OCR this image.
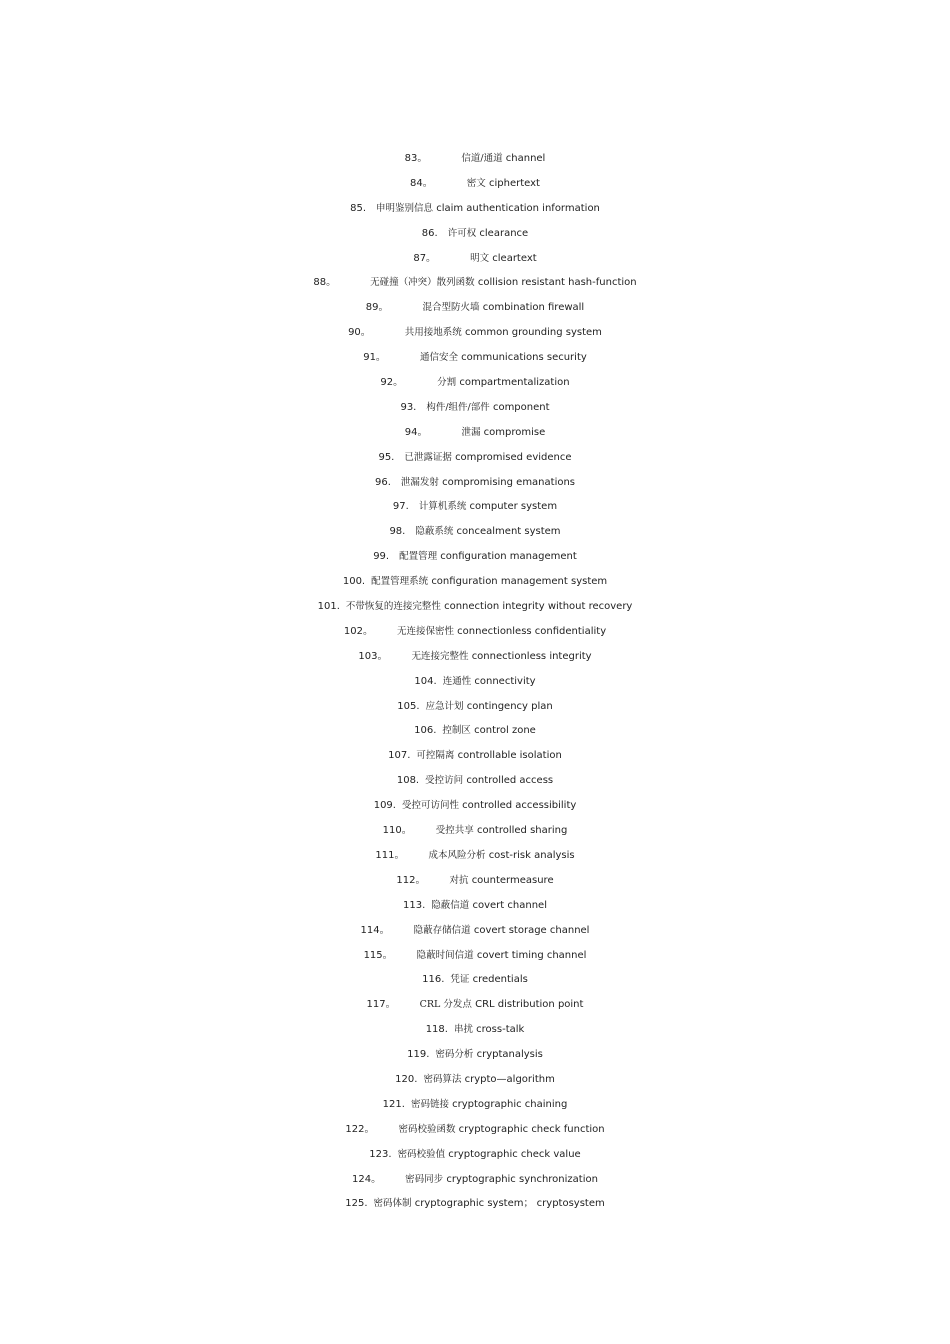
83。	信道/通道 channel
84。	密文 ciphertext
85. 申明鉴别信息 claim authentication information
86. 许可权 clearance
87。	明文 cleartext
88。	无碰撞（冲突）散列函数 collision resistant hash-function
89。	混合型防火墙 combination firewall
90。	共用接地系统 common grounding system
91。	通信安全 communications security
92。	分割 compartmentalization
93. 构件/组件/部件 component
94。	泄漏 compromise
95. 已泄露证据 compromised evidence
96. 泄漏发射 compromising emanations
97. 计算机系统 computer system
98. 隐蔽系统 concealment system
99. 配置管理 configuration management
100. 配置管理系统 configuration management system
101. 不带恢复的连接完整性 connection integrity without recovery
102。	无连接保密性 connectionless confidentiality
103。	无连接完整性 connectionless integrity
104. 连通性 connectivity
105. 应急计划 contingency plan
106. 控制区 control zone
107. 可控隔离 controllable isolation
108. 受控访问 controlled access
109. 受控可访问性 controlled accessibility
110。	受控共享 controlled sharing
111。	成本风险分析 cost-risk analysis
112。	对抗 countermeasure
113. 隐蔽信道 covert channel
114。	隐蔽存储信道 covert storage channel
115。	隐蔽时间信道 covert timing channel
116. 凭证 credentials
117。	CRL 分发点 CRL distribution point
118. 串扰 cross-talk
119. 密码分析 cryptanalysis
120. 密码算法 crypto—algorithm
121. 密码链接 cryptographic chaining
122。	密码校验函数 cryptographic check function
123. 密码校验值 cryptographic check value
124。	密码同步 cryptographic synchronization
125. 密码体制 cryptographic system； cryptosystem
